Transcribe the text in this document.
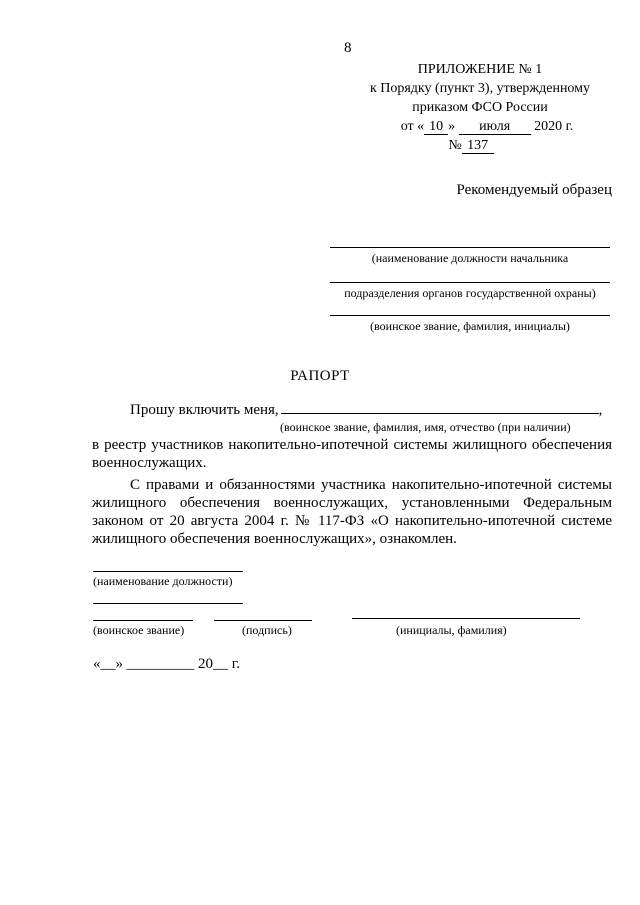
8
ПРИЛОЖЕНИЕ № 1
к Порядку (пункт 3), утвержденному
приказом ФСО России
от « 10 » июля 2020 г.
№ 137
Рекомендуемый образец
(наименование должности начальника
подразделения органов государственной охраны)
(воинское звание, фамилия, инициалы)
РАПОРТ
Прошу включить меня,	,
(воинское звание, фамилия, имя, отчество (при наличии)
в реестр участников накопительно-ипотечной системы жилищного обеспечения военнослужащих.
С правами и обязанностями участника накопительно-ипотечной системы жилищного обеспечения военнослужащих, установленными Федеральным законом от 20 августа 2004 г. № 117-ФЗ «О накопительно-ипотечной системе жилищного обеспечения военнослужащих», ознакомлен.
(наименование должности)
(воинское звание)	(подпись)	(инициалы, фамилия)
«__» _________ 20__ г.
